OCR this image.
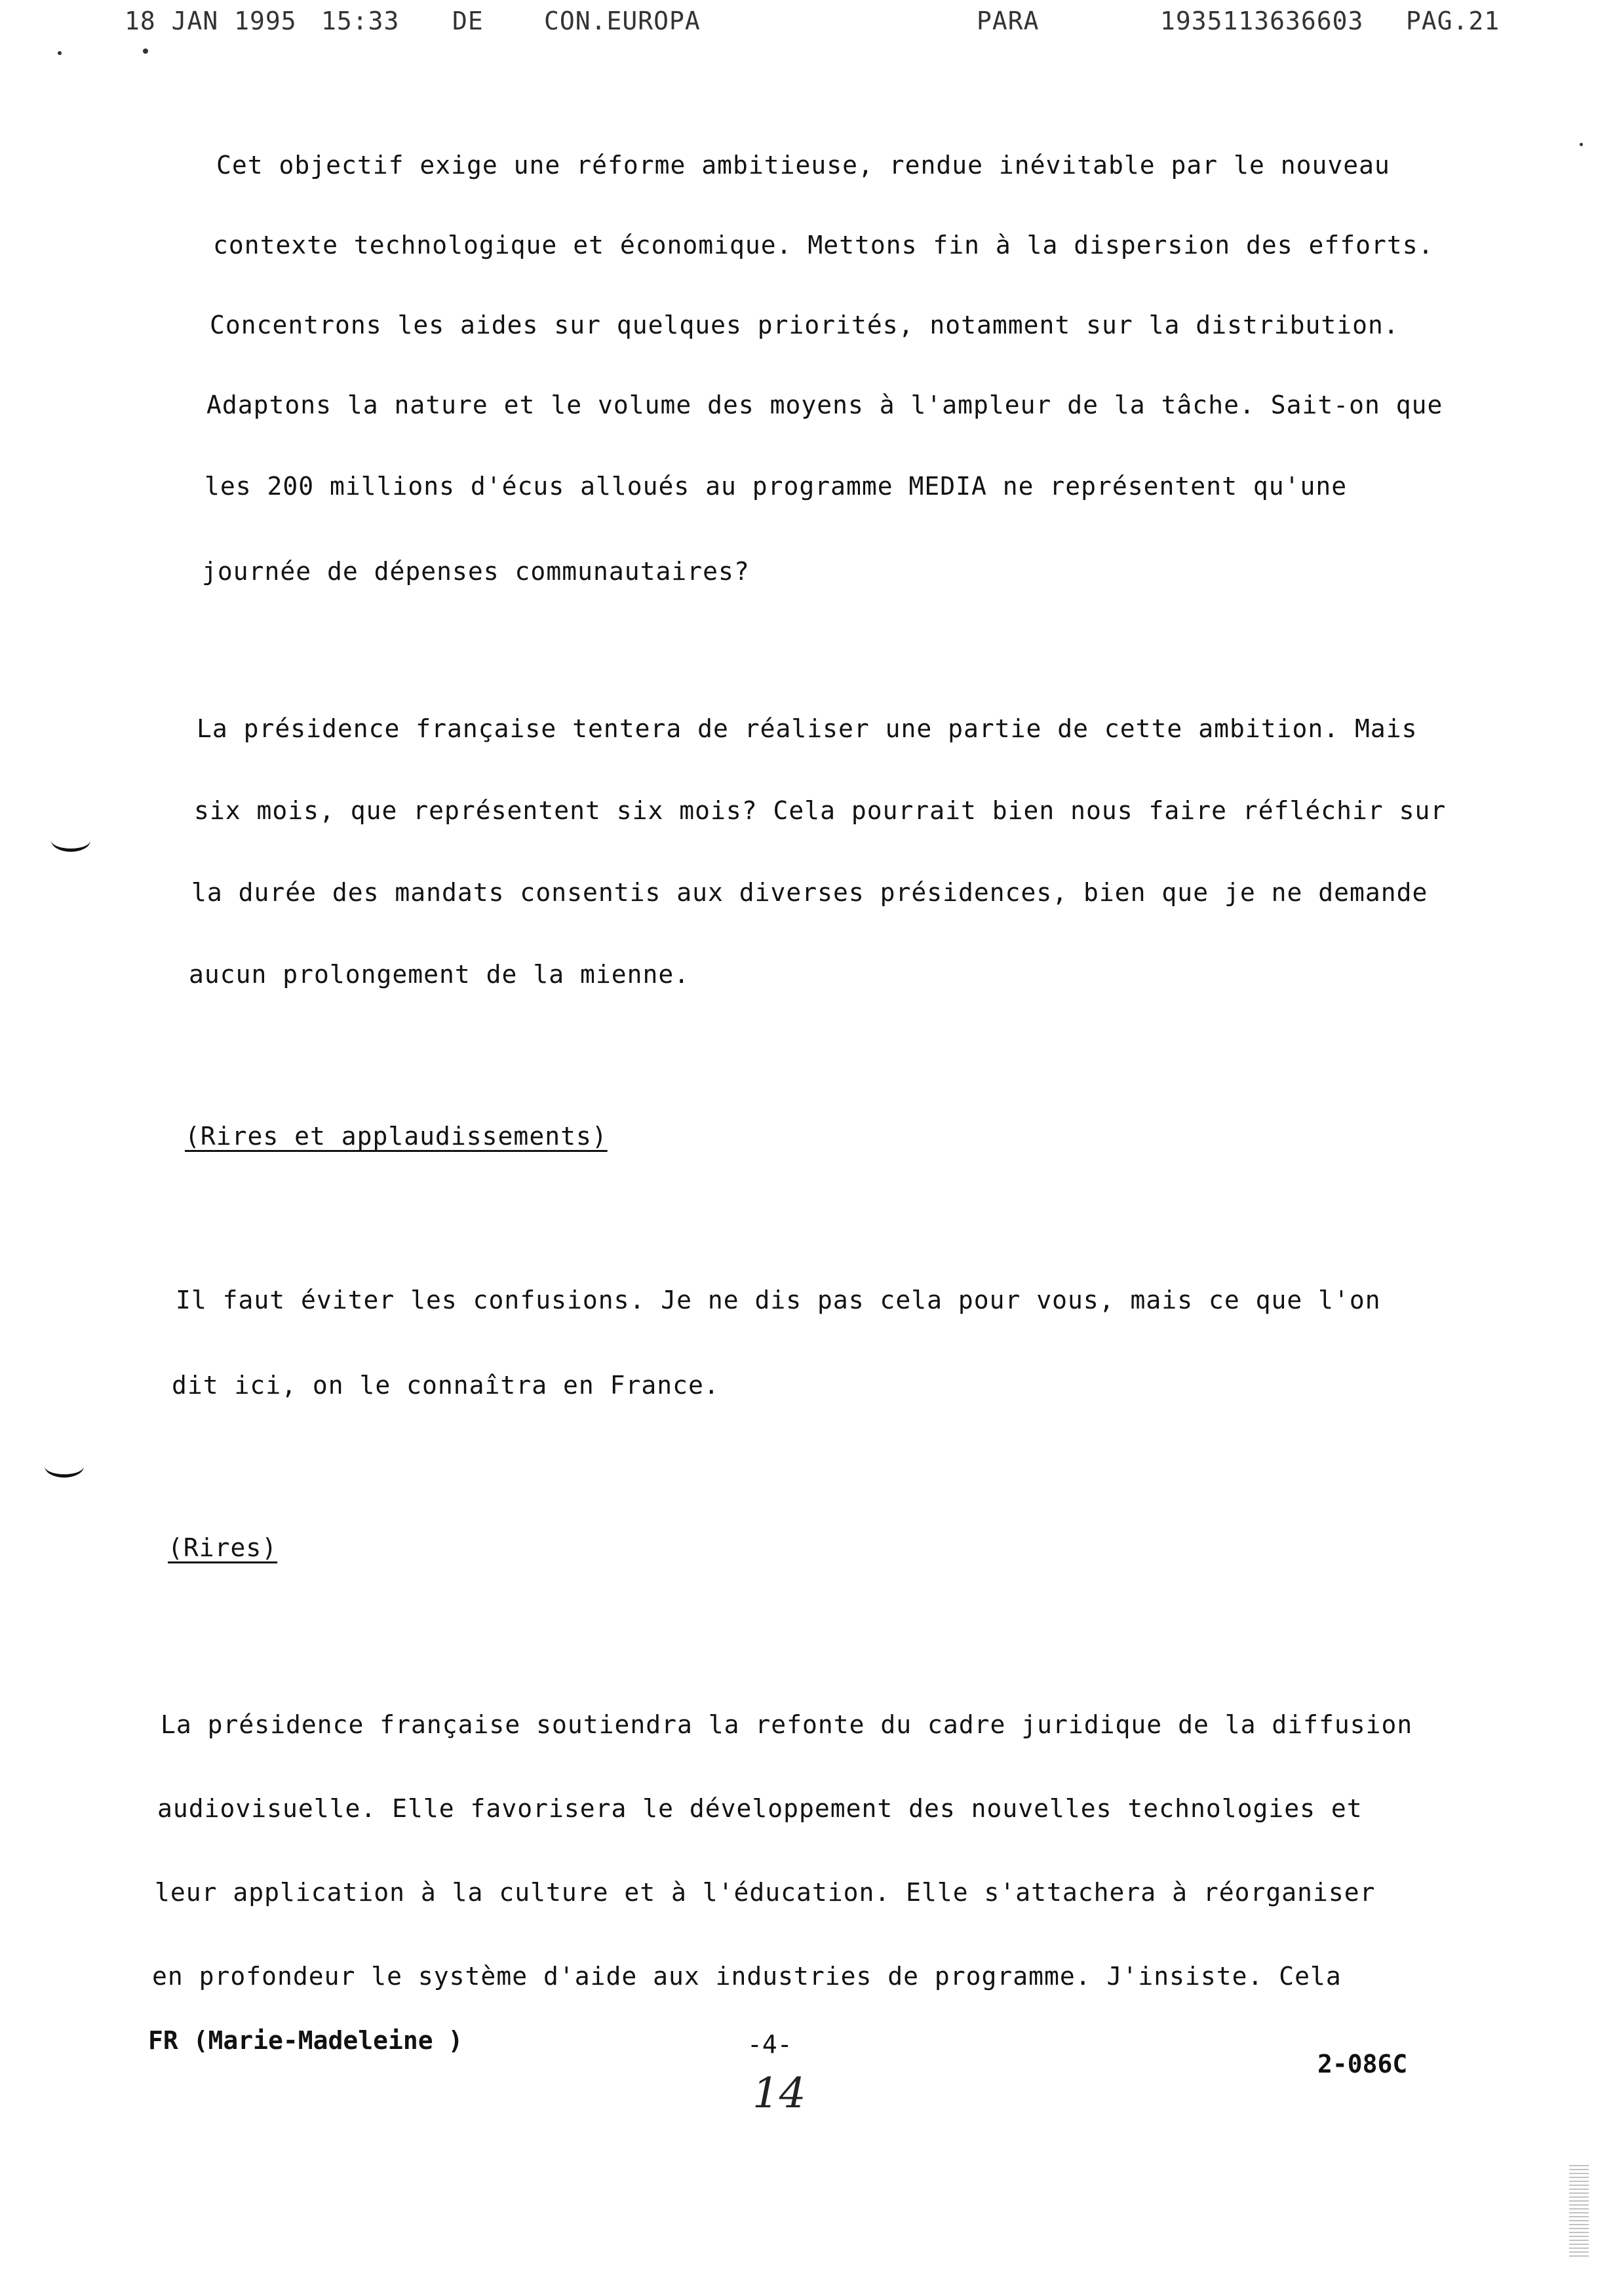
18 JAN 1995 15:33 DE CON.EUROPA	PARA	1935113636603 PAG.21
Cet objectif exige une réforme ambitieuse, rendue inévitable par le nouveau
contexte technologique et économique. Mettons fin à la dispersion des efforts.
Concentrons les aides sur quelques priorités, notamment sur la distribution.
Adaptons la nature et le volume des moyens à l'ampleur de la tâche. Sait-on que
les 200 millions d'écus alloués au programme MEDIA ne représentent qu'une
journée de dépenses communautaires?
La présidence française tentera de réaliser une partie de cette ambition. Mais
six mois, que représentent six mois? Cela pourrait bien nous faire réfléchir sur
la durée des mandats consentis aux diverses présidences, bien que je ne demande
aucun prolongement de la mienne.
(Rires et applaudissements)
Il faut éviter les confusions. Je ne dis pas cela pour vous, mais ce que l'on
dit ici, on le connaîtra en France.
(Rires)
La présidence française soutiendra la refonte du cadre juridique de la diffusion
audiovisuelle. Elle favorisera le développement des nouvelles technologies et
leur application à la culture et à l'éducation. Elle s'attachera à réorganiser
en profondeur le système d'aide aux industries de programme. J'insiste. Cela
FR (Marie-Madeleine )	-4-
2-086C
14
